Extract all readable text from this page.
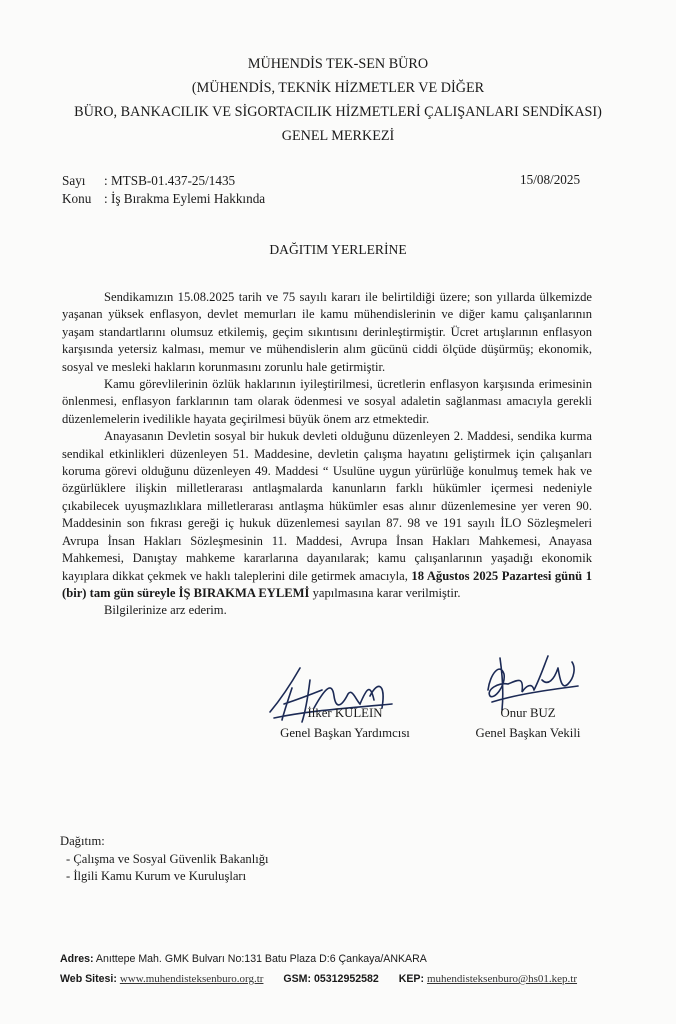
MÜHENDİS TEK-SEN BÜRO
(MÜHENDİS, TEKNİK HİZMETLER VE DİĞER
BÜRO, BANKACILIK VE SİGORTACILIK HİZMETLERİ ÇALIŞANLARI SENDİKASI)
GENEL MERKEZİ
Sayı	: MTSB-01.437-25/1435
Konu : İş Bırakma Eylemi Hakkında
15/08/2025
DAĞITIM YERLERİNE

Sendikamızın 15.08.2025 tarih ve 75 sayılı kararı ile belirtildiği üzere; son yıllarda ülkemizde yaşanan yüksek enflasyon, devlet memurları ile kamu mühendislerinin ve diğer kamu çalışanlarının yaşam standartlarını olumsuz etkilemiş, geçim sıkıntısını derinleştirmiştir. Ücret artışlarının enflasyon karşısında yetersiz kalması, memur ve mühendislerin alım gücünü ciddi ölçüde düşürmüş; ekonomik, sosyal ve mesleki hakların korunmasını zorunlu hale getirmiştir.

Kamu görevlilerinin özlük haklarının iyileştirilmesi, ücretlerin enflasyon karşısında erimesinin önlenmesi, enflasyon farklarının tam olarak ödenmesi ve sosyal adaletin sağlanması amacıyla gerekli düzenlemelerin ivedilikle hayata geçirilmesi büyük önem arz etmektedir.

Anayasanın Devletin sosyal bir hukuk devleti olduğunu düzenleyen 2. Maddesi, sendika kurma sendikal etkinlikleri düzenleyen 51. Maddesine, devletin çalışma hayatını geliştirmek için çalışanları koruma görevi olduğunu düzenleyen 49. Maddesi “ Usulüne uygun yürürlüğe konulmuş temek hak ve özgürlüklere ilişkin milletlerarası antlaşmalarda kanunların farklı hükümler içermesi nedeniyle çıkabilecek uyuşmazlıklara milletlerarası antlaşma hükümler esas alınır düzenlemesine yer veren 90. Maddesinin son fıkrası gereği iç hukuk düzenlemesi sayılan 87. 98 ve 191 sayılı İLO Sözleşmeleri Avrupa İnsan Hakları Sözleşmesinin 11. Maddesi, Avrupa İnsan Hakları Mahkemesi, Anayasa Mahkemesi, Danıştay mahkeme kararlarına dayanılarak; kamu çalışanlarının yaşadığı ekonomik kayıplara dikkat çekmek ve haklı taleplerini dile getirmek amacıyla, 18 Ağustos 2025 Pazartesi günü 1 (bir) tam gün süreyle İŞ BIRAKMA EYLEMİ yapılmasına karar verilmiştir.

Bilgilerinize arz ederim.

İlker KULEIN
Genel Başkan Yardımcısı
Onur BUZ
Genel Başkan Vekili
Dağıtım:
- Çalışma ve Sosyal Güvenlik Bakanlığı
- İlgili Kamu Kurum ve Kuruluşları
Adres: Anıttepe Mah. GMK Bulvarı No:131 Batu Plaza D:6 Çankaya/ANKARA
Web Sitesi: www.muhendisteksenburo.org.tr GSM: 05312952582 KEP: muhendisteksenburo@hs01.kep.tr
